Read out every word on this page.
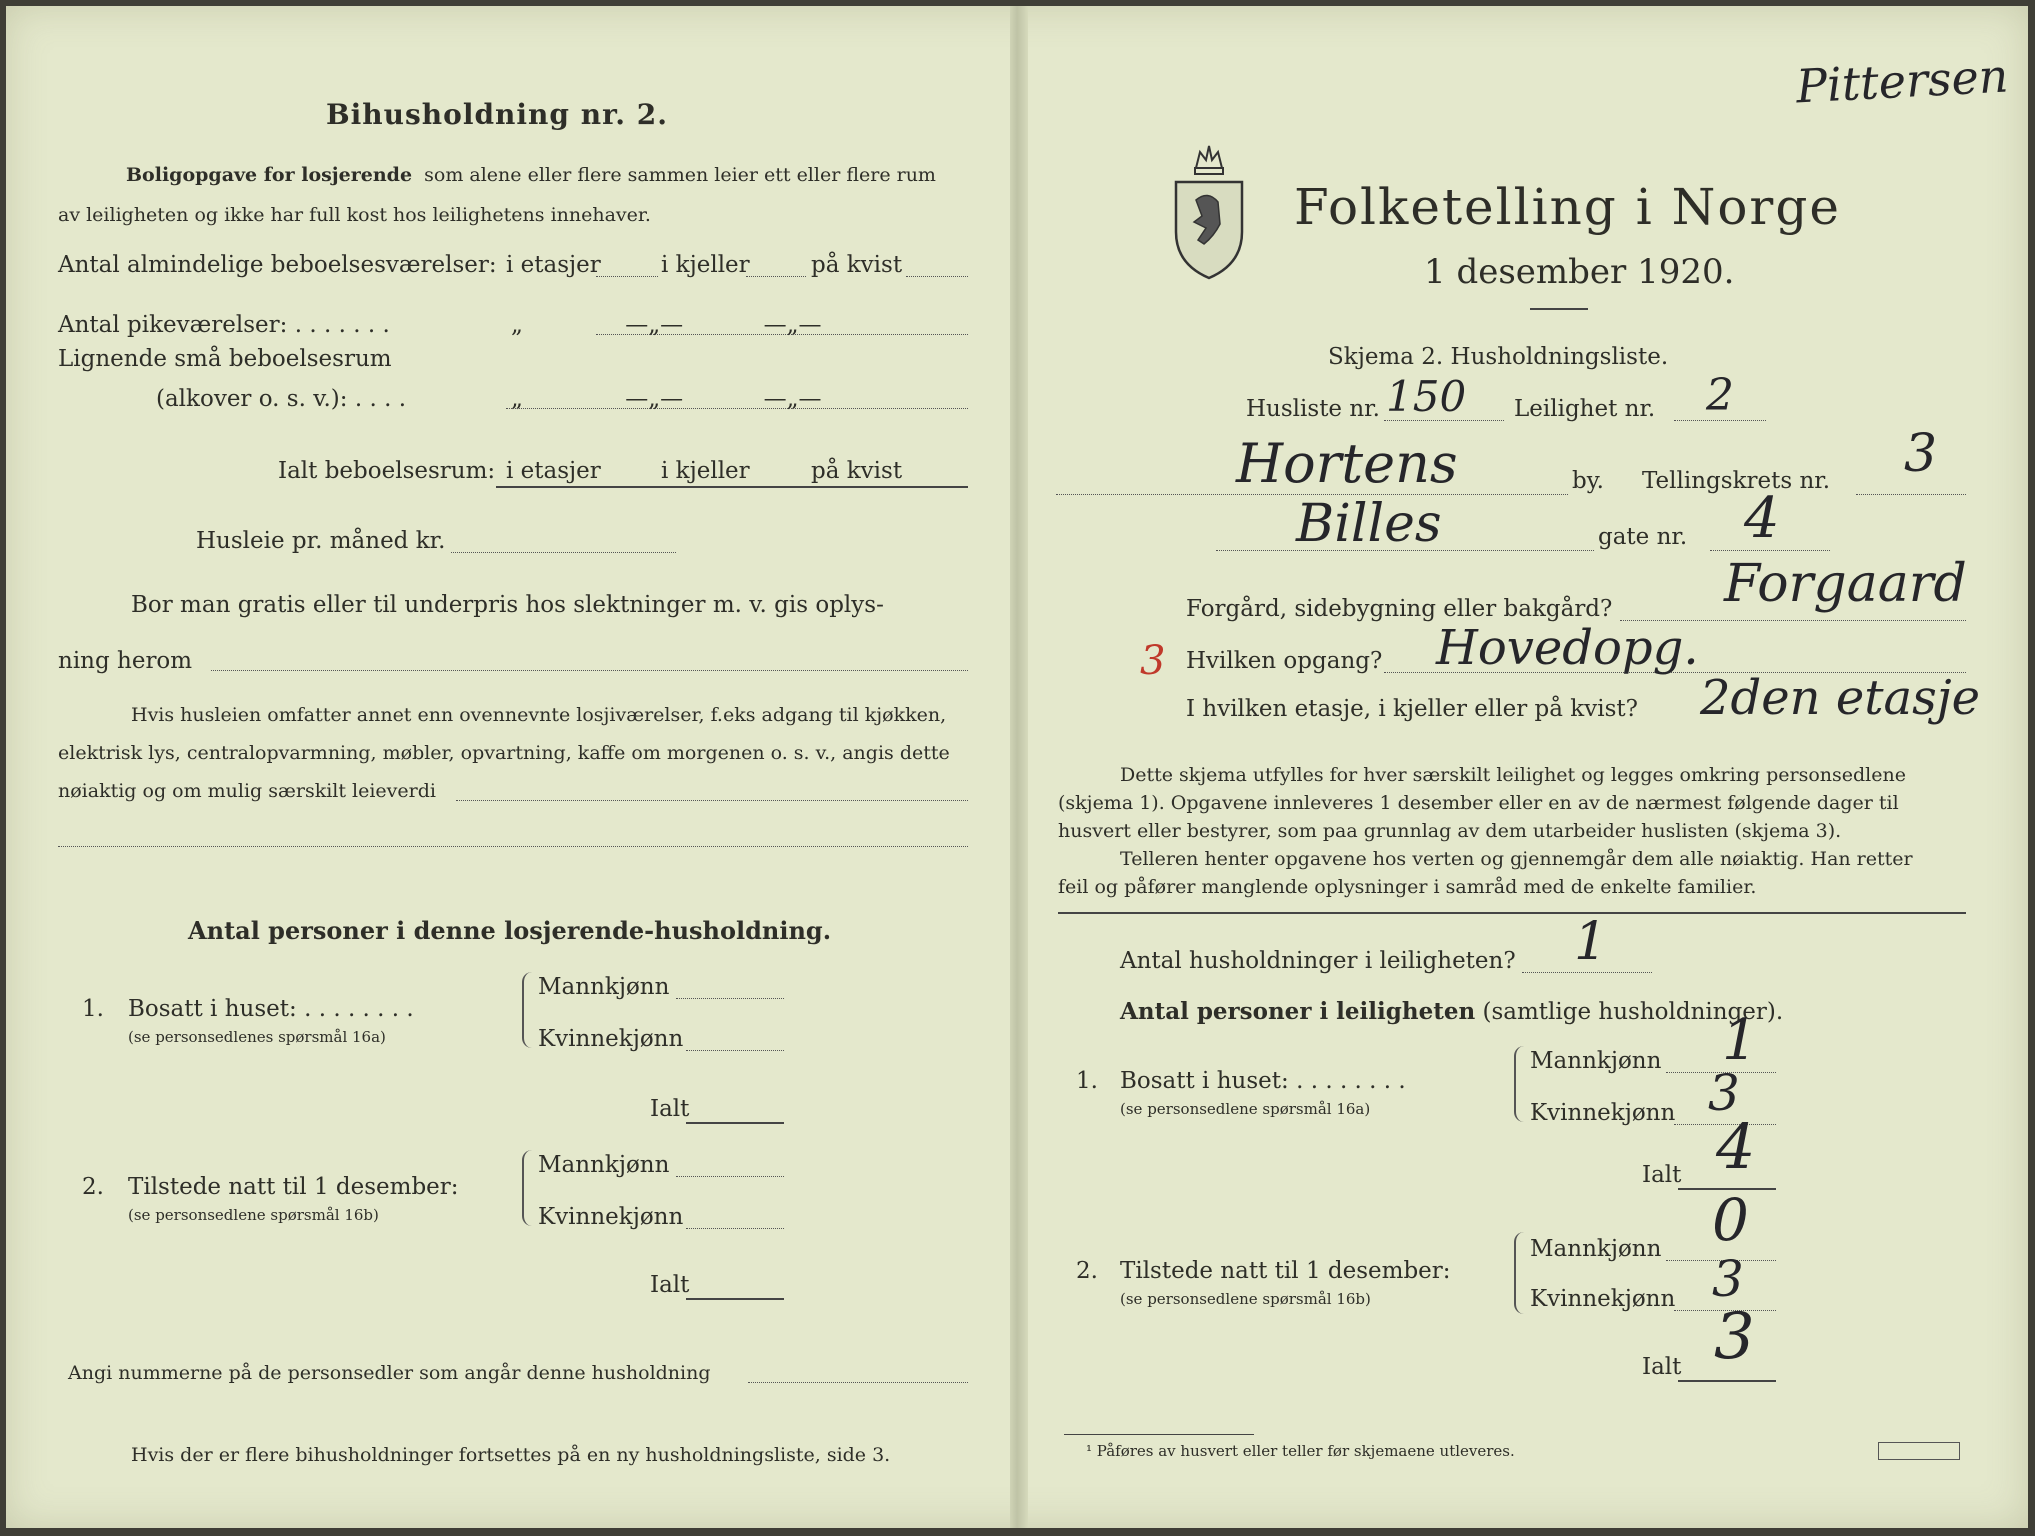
Bihusholdning nr. 2.
Boligopgave for losjerende som alene eller flere sammen leier ett eller flere rum
av leiligheten og ikke har full kost hos leilighetens innehaver.
Antal almindelige beboelsesværelser: i etasjer	i kjeller	på kvist
Antal pikeværelser: . . . . . . .	„              —„—           —„—
Lignende små beboelsesrum
(alkover o. s. v.): . . . .	„              —„—           —„—
Ialt beboelsesrum: i etasjer	i kjeller	på kvist
Husleie pr. måned kr.
Bor man gratis eller til underpris hos slektninger m. v. gis oplys-
ning herom
Hvis husleien omfatter annet enn ovennevnte losjiværelser, f.eks adgang til kjøkken,
elektrisk lys, centralopvarmning, møbler, opvartning, kaffe om morgenen o. s. v., angis dette
nøiaktig og om mulig særskilt leieverdi
Antal personer i denne losjerende-husholdning.
1. Bosatt i huset: . . . . . . . .
(se personsedlenes spørsmål 16a)
Mannkjønn
Kvinnekjønn
Ialt
2. Tilstede natt til 1 desember:
(se personsedlene spørsmål 16b)
Mannkjønn
Kvinnekjønn
Ialt
Angi nummerne på de personsedler som angår denne husholdning
Hvis der er flere bihusholdninger fortsettes på en ny husholdningsliste, side 3.
Pittersen
Folketelling i Norge
1 desember 1920.
Skjema 2. Husholdningsliste.
Husliste nr. 150 Leilighet nr. 2
Hortens	by. Tellingskrets nr. 3
Billes	gate nr. 4
Forgård, sidebygning eller bakgård? Forgaard
3 Hvilken opgang? Hovedopg.
I hvilken etasje, i kjeller eller på kvist? 2den etasje
Dette skjema utfylles for hver særskilt leilighet og legges omkring personsedlene
(skjema 1). Opgavene innleveres 1 desember eller en av de nærmest følgende dager til
husvert eller bestyrer, som paa grunnlag av dem utarbeider huslisten (skjema 3).
Telleren henter opgavene hos verten og gjennemgår dem alle nøiaktig. Han retter
feil og påfører manglende oplysninger i samråd med de enkelte familier.
Antal husholdninger i leiligheten? 1
Antal personer i leiligheten (samtlige husholdninger).
1. Bosatt i huset: . . . . . . . .
(se personsedlene spørsmål 16a)
Mannkjønn 1
Kvinnekjønn 3
Ialt 4
2. Tilstede natt til 1 desember:
(se personsedlene spørsmål 16b)
Mannkjønn 0
Kvinnekjønn 3
Ialt 3
¹ Påføres av husvert eller teller før skjemaene utleveres.
